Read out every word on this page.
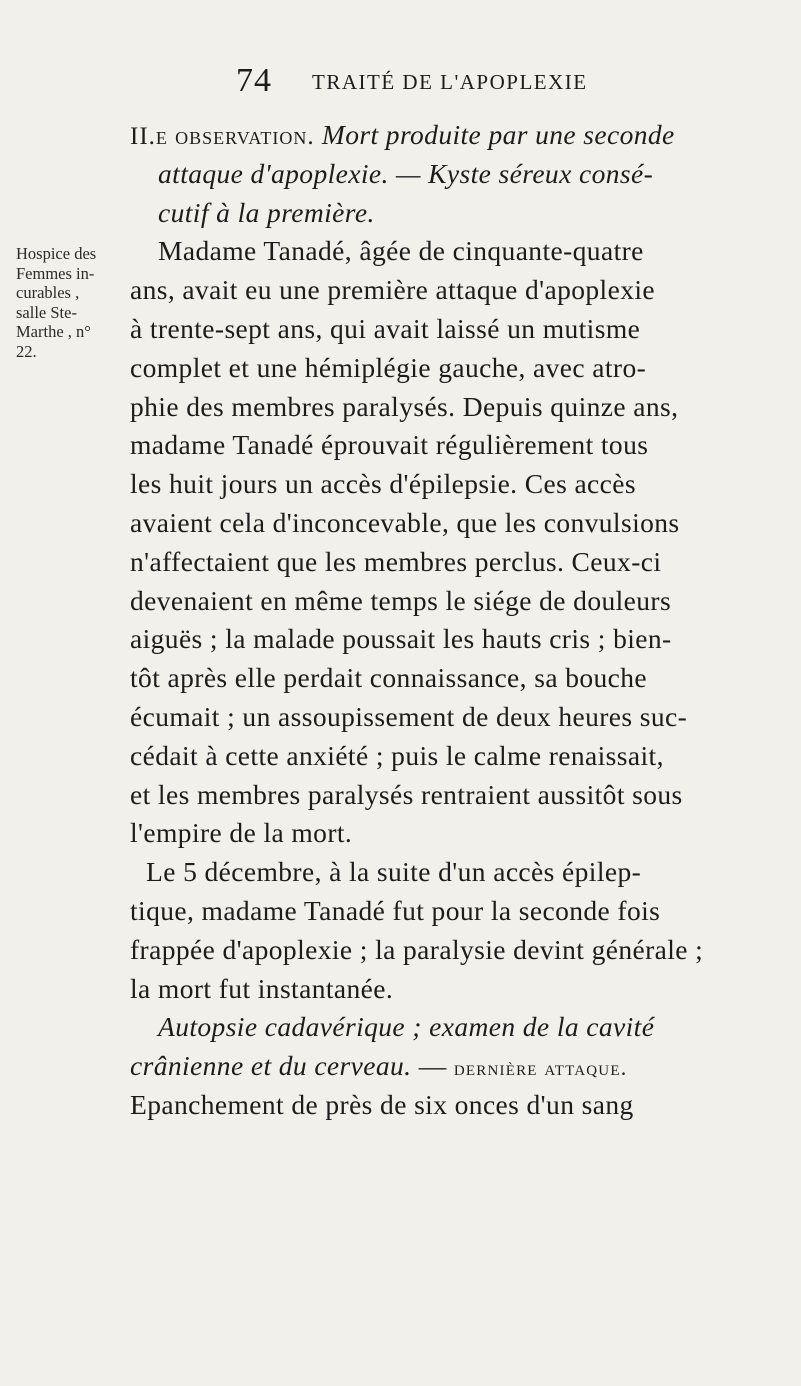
74 TRAITÉ DE L'APOPLEXIE
Hospice des
Femmes in-
curables ,
salle Ste-
Marthe , n°
22.
II.e observation. Mort produite par une seconde
attaque d'apoplexie. — Kyste séreux consé-
cutif à la première.
Madame Tanadé, âgée de cinquante-quatre
ans, avait eu une première attaque d'apoplexie
à trente-sept ans, qui avait laissé un mutisme
complet et une hémiplégie gauche, avec atro-
phie des membres paralysés. Depuis quinze ans,
madame Tanadé éprouvait régulièrement tous
les huit jours un accès d'épilepsie. Ces accès
avaient cela d'inconcevable, que les convulsions
n'affectaient que les membres perclus. Ceux-ci
devenaient en même temps le siége de douleurs
aiguës ; la malade poussait les hauts cris ; bien-
tôt après elle perdait connaissance, sa bouche
écumait ; un assoupissement de deux heures suc-
cédait à cette anxiété ; puis le calme renaissait,
et les membres paralysés rentraient aussitôt sous
l'empire de la mort.
Le 5 décembre, à la suite d'un accès épilep-
tique, madame Tanadé fut pour la seconde fois
frappée d'apoplexie ; la paralysie devint générale ;
la mort fut instantanée.
Autopsie cadavérique ; examen de la cavité
crânienne et du cerveau. — dernière attaque.
Epanchement de près de six onces d'un sang
